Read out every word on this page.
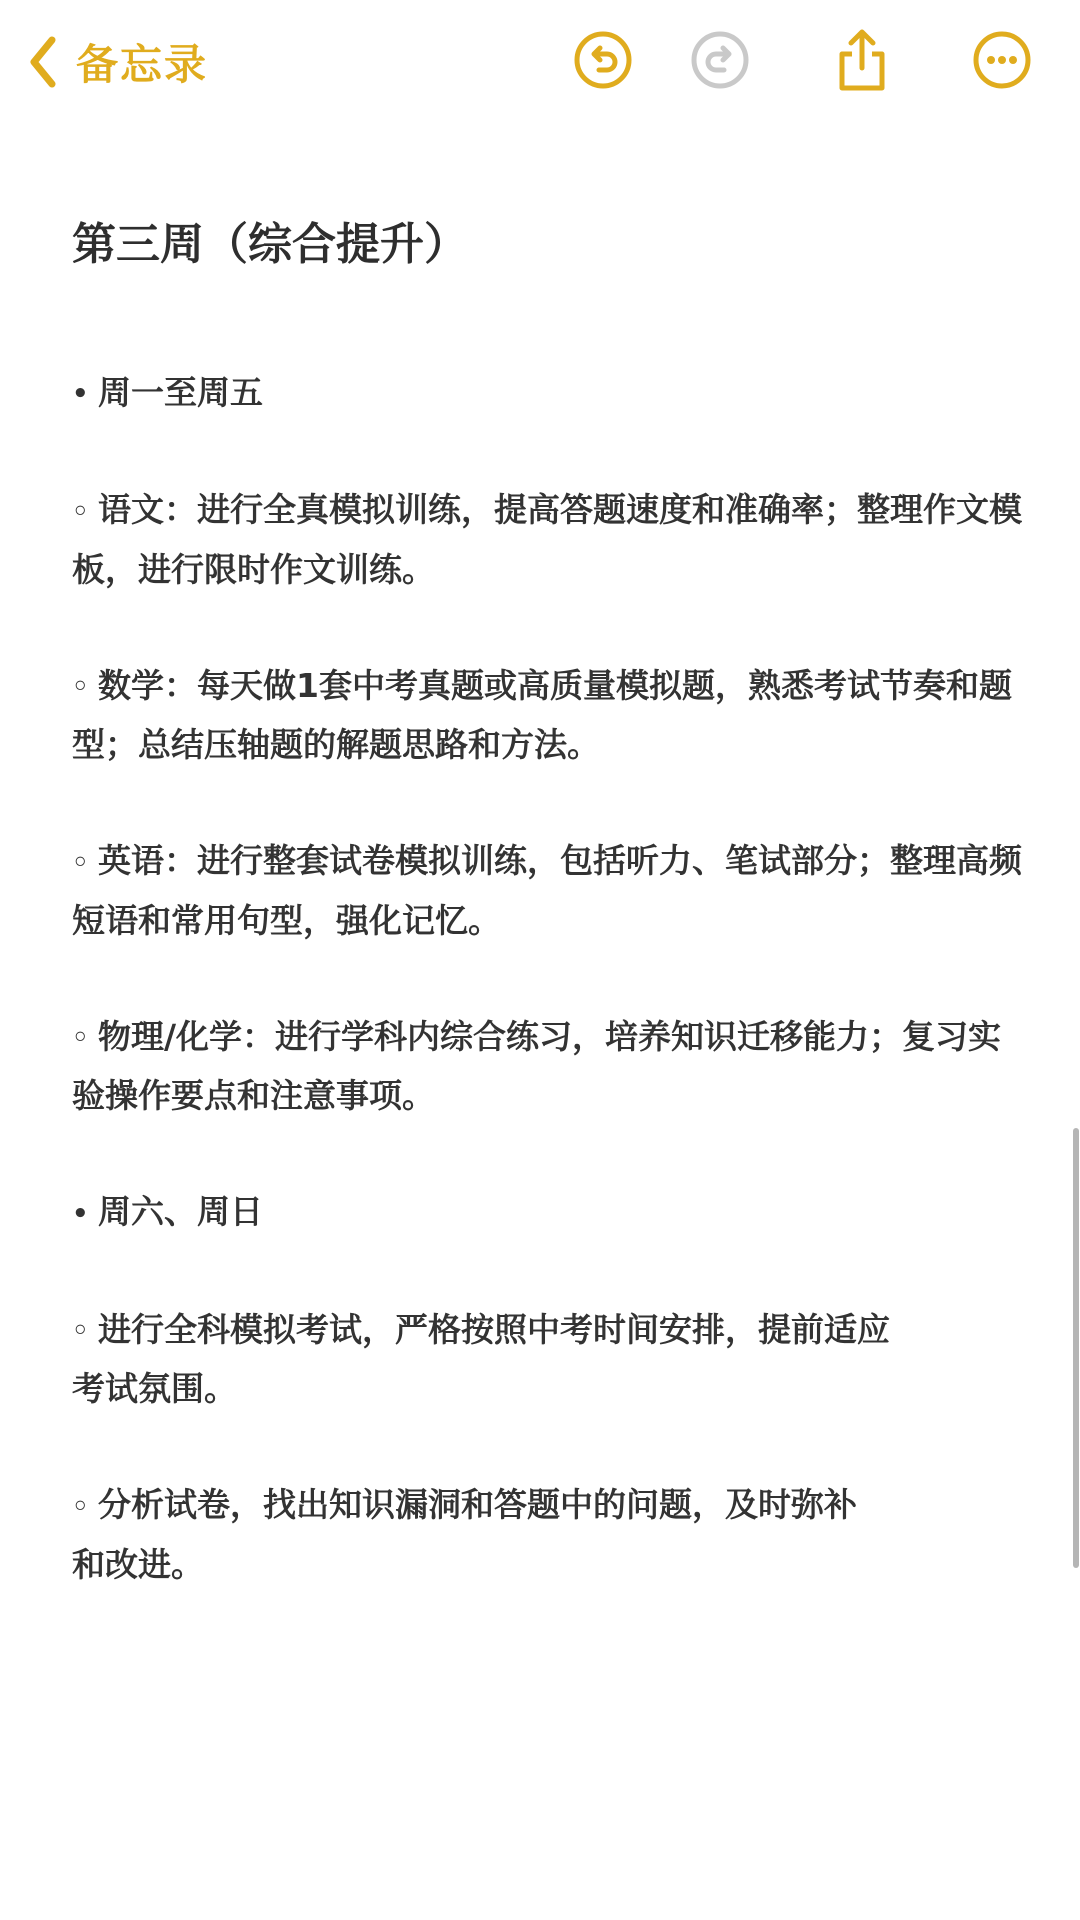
备忘录
第三周（综合提升）

• 周一至周五

◦ 语文：进行全真模拟训练，提高答题速度和准确率；整理作文模板，进行限时作文训练。

◦ 数学：每天做1套中考真题或高质量模拟题，熟悉考试节奏和题型；总结压轴题的解题思路和方法。

◦ 英语：进行整套试卷模拟训练，包括听力、笔试部分；整理高频短语和常用句型，强化记忆。

◦ 物理/化学：进行学科内综合练习，培养知识迁移能力；复习实验操作要点和注意事项。

• 周六、周日

◦ 进行全科模拟考试，严格按照中考时间安排，提前适应
考试氛围。

◦ 分析试卷，找出知识漏洞和答题中的问题，及时弥补
和改进。
